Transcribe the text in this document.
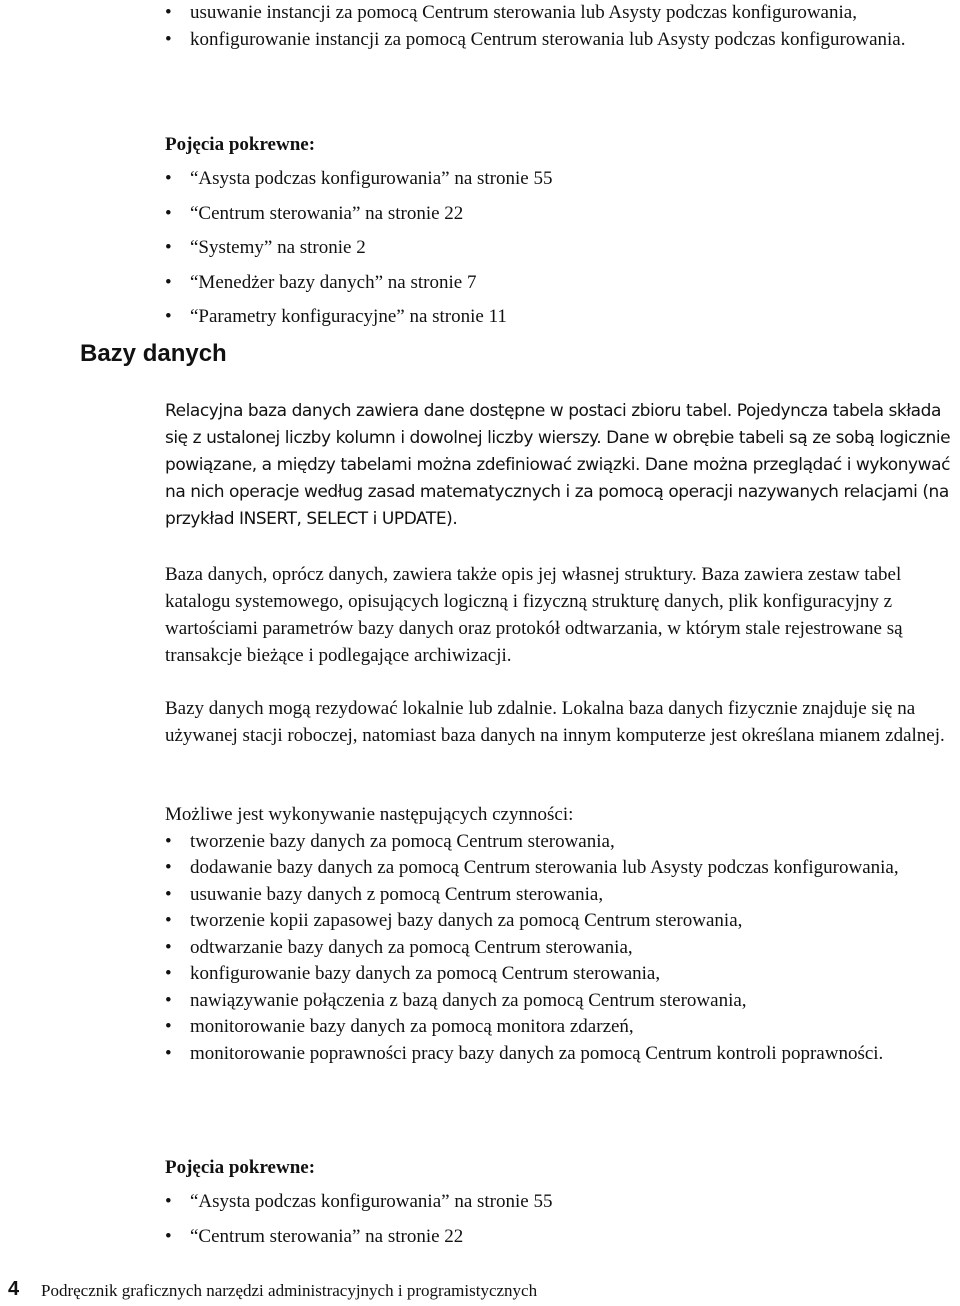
• usuwanie instancji za pomocą Centrum sterowania lub Asysty podczas konfigurowania,
• konfigurowanie instancji za pomocą Centrum sterowania lub Asysty podczas konfigurowania.

Pojęcia pokrewne:

• “Asysta podczas konfigurowania” na stronie 55
• “Centrum sterowania” na stronie 22
• “Systemy” na stronie 2
• “Menedżer bazy danych” na stronie 7
• “Parametry konfiguracyjne” na stronie 11
Bazy danych

Relacyjna baza danych zawiera dane dostępne w postaci zbioru tabel. Pojedyncza tabela składa się z ustalonej liczby kolumn i dowolnej liczby wierszy. Dane w obrębie tabeli są ze sobą logicznie powiązane, a między tabelami można zdefiniować związki. Dane można przeglądać i wykonywać na nich operacje według zasad matematycznych i za pomocą operacji nazywanych relacjami (na przykład INSERT, SELECT i UPDATE).

Baza danych, oprócz danych, zawiera także opis jej własnej struktury. Baza zawiera zestaw tabel katalogu systemowego, opisujących logiczną i fizyczną strukturę danych, plik konfiguracyjny z wartościami parametrów bazy danych oraz protokół odtwarzania, w którym stale rejestrowane są transakcje bieżące i podlegające archiwizacji.

Bazy danych mogą rezydować lokalnie lub zdalnie. Lokalna baza danych fizycznie znajduje się na używanej stacji roboczej, natomiast baza danych na innym komputerze jest określana mianem zdalnej.

Możliwe jest wykonywanie następujących czynności:

• tworzenie bazy danych za pomocą Centrum sterowania,
• dodawanie bazy danych za pomocą Centrum sterowania lub Asysty podczas konfigurowania,
• usuwanie bazy danych z pomocą Centrum sterowania,
• tworzenie kopii zapasowej bazy danych za pomocą Centrum sterowania,
• odtwarzanie bazy danych za pomocą Centrum sterowania,
• konfigurowanie bazy danych za pomocą Centrum sterowania,
• nawiązywanie połączenia z bazą danych za pomocą Centrum sterowania,
• monitorowanie bazy danych za pomocą monitora zdarzeń,
• monitorowanie poprawności pracy bazy danych za pomocą Centrum kontroli poprawności.

Pojęcia pokrewne:

• “Asysta podczas konfigurowania” na stronie 55
• “Centrum sterowania” na stronie 22
4 Podręcznik graficznych narzędzi administracyjnych i programistycznych
